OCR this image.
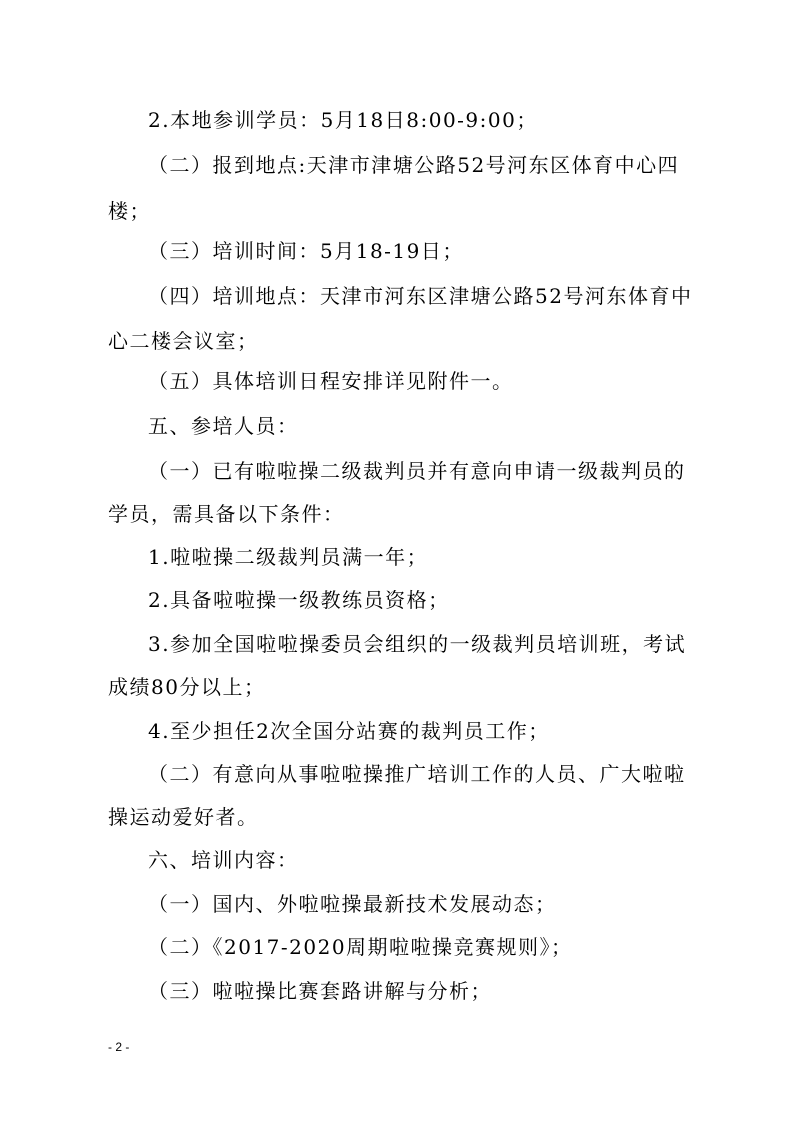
2.本地参训学员：5月18日8:00-9:00；
（二）报到地点:天津市津塘公路52号河东区体育中心四
楼；
（三）培训时间：5月18-19日；
（四）培训地点：天津市河东区津塘公路52号河东体育中
心二楼会议室；
（五）具体培训日程安排详见附件一。
五、参培人员：
（一）已有啦啦操二级裁判员并有意向申请一级裁判员的
学员，需具备以下条件：
1.啦啦操二级裁判员满一年；
2.具备啦啦操一级教练员资格；
3.参加全国啦啦操委员会组织的一级裁判员培训班，考试
成绩80分以上；
4.至少担任2次全国分站赛的裁判员工作；
（二）有意向从事啦啦操推广培训工作的人员、广大啦啦
操运动爱好者。
六、培训内容：
（一）国内、外啦啦操最新技术发展动态；
（二）《2017-2020周期啦啦操竞赛规则》；
（三）啦啦操比赛套路讲解与分析；
- 2 -
